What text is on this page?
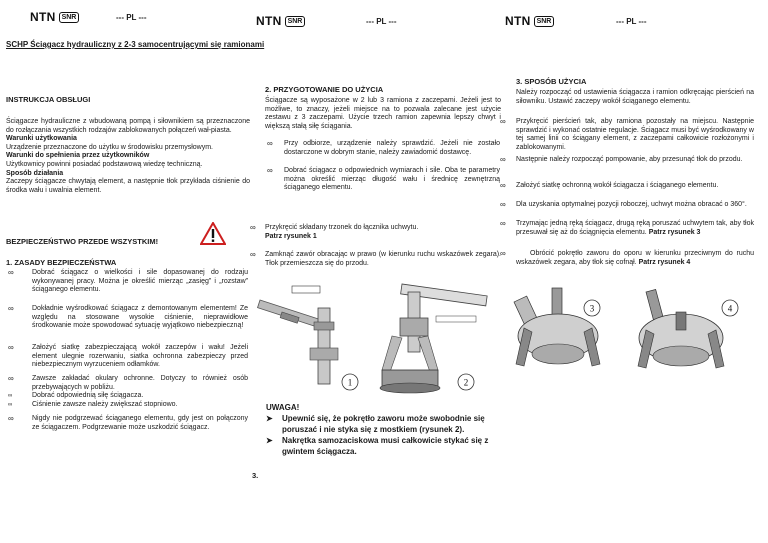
NTN SNR	--- PL ---	NTN SNR	--- PL ---	NTN SNR	--- PL ---
SCHP Ściągacz hydrauliczny z 2-3 samocentrującymi się ramionami
INSTRUKCJA OBSŁUGI
Ściągacze hydrauliczne z wbudowaną pompą i siłownikiem są przeznaczone do rozłączania wszystkich rodzajów zablokowanych połączeń wał-piasta.
Warunki użytkowania
Urządzenie przeznaczone do użytku w środowisku przemysłowym.
Warunki do spełnienia przez użytkowników
Użytkownicy powinni posiadać podstawową wiedzę techniczną.
Sposób działania
Zaczepy ściągacze chwytają element, a następnie tłok przykłada ciśnienie do środka wału i uwalnia element.
BEZPIECZEŃSTWO PRZEDE WSZYSTKIM!
1. ZASADY BEZPIECZEŃSTWA
∞	Dobrać ściągacz o wielkości i sile dopasowanej do rodzaju wykonywanej pracy. Można je określić mierząc „zasięg” i „rozstaw” ściąganego elementu.
∞	Dokładnie wyśrodkować ściągacz z demontowanym elementem! Ze względu na stosowane wysokie ciśnienie, nieprawidłowe środkowanie może spowodować sytuację wyjątkowo niebezpieczną!
∞	Założyć siatkę zabezpieczającą wokół zaczepów i wału! Jeżeli element ulegnie rozerwaniu, siatka ochronna zabezpieczy przed niebezpiecznym wyrzuceniem odłamków.
∞	Zawsze zakładać okulary ochronne. Dotyczy to również osób przebywających w pobliżu.
∞	Dobrać odpowiednią siłę ściągacza.
∞	Ciśnienie zawsze należy zwiększać stopniowo.
∞	Nigdy nie podgrzewać ściąganego elementu, gdy jest on połączony ze ściągaczem. Podgrzewanie może uszkodzić ściągacz.
2. PRZYGOTOWANIE DO UŻYCIA
Ściągacze są wyposażone w 2 lub 3 ramiona z zaczepami. Jeżeli jest to możliwe, to znaczy, jeżeli miejsce na to pozwala zalecane jest użycie zestawu z 3 zaczepami. Użycie trzech ramion zapewnia lepszy chwyt i większą stałą siłę ściągania.
∞ Przy odbiorze, urządzenie należy sprawdzić. Jeżeli nie zostało dostarczone w dobrym stanie, należy zawiadomić dostawcę.
∞ Dobrać ściągacz o odpowiednich wymiarach i sile. Oba te parametry można określić mierząc długość wału i średnicę zewnętrzną ściąganego elementu.
∞ Przykręcić składany trzonek do łącznika uchwytu.
Patrz rysunek 1
∞ Zamknąć zawór obracając w prawo (w kierunku ruchu wskazówek zegara). Tłok przemieszcza się do przodu.
1	2
UWAGA!
➤	Upewnić się, że pokrętło zaworu może swobodnie się poruszać i nie styka się z mostkiem (rysunek 2).
➤	Nakrętka samozaciskowa musi całkowicie stykać się z gwintem ściągacza.
3.
3. SPOSÓB UŻYCIA
Należy rozpocząć od ustawienia ściągacza i ramion odkręcając pierścień na siłowniku. Ustawić zaczepy wokół ściąganego elementu.
∞ Przykręcić pierścień tak, aby ramiona pozostały na miejscu. Następnie sprawdzić i wykonać ostatnie regulacje. Ściągacz musi być wyśrodkowany w tej samej linii co ściągany element, z zaczepami całkowicie rozłożonymi i zablokowanymi.
∞ Następnie należy rozpocząć pompowanie, aby przesunąć tłok do przodu.
∞ Założyć siatkę ochronną wokół ściągacza i ściąganego elementu.
∞ Dla uzyskania optymalnej pozycji roboczej, uchwyt można obracać o 360°.
∞ Trzymając jedną ręką ściągacz, drugą ręką poruszać uchwytem tak, aby tłok przesuwał się aż do ściągnięcia elementu. Patrz rysunek 3
∞	Obrócić pokrętło zaworu do oporu w kierunku przeciwnym do ruchu wskazówek zegara, aby tłok się cofnął. Patrz rysunek 4
3	4
